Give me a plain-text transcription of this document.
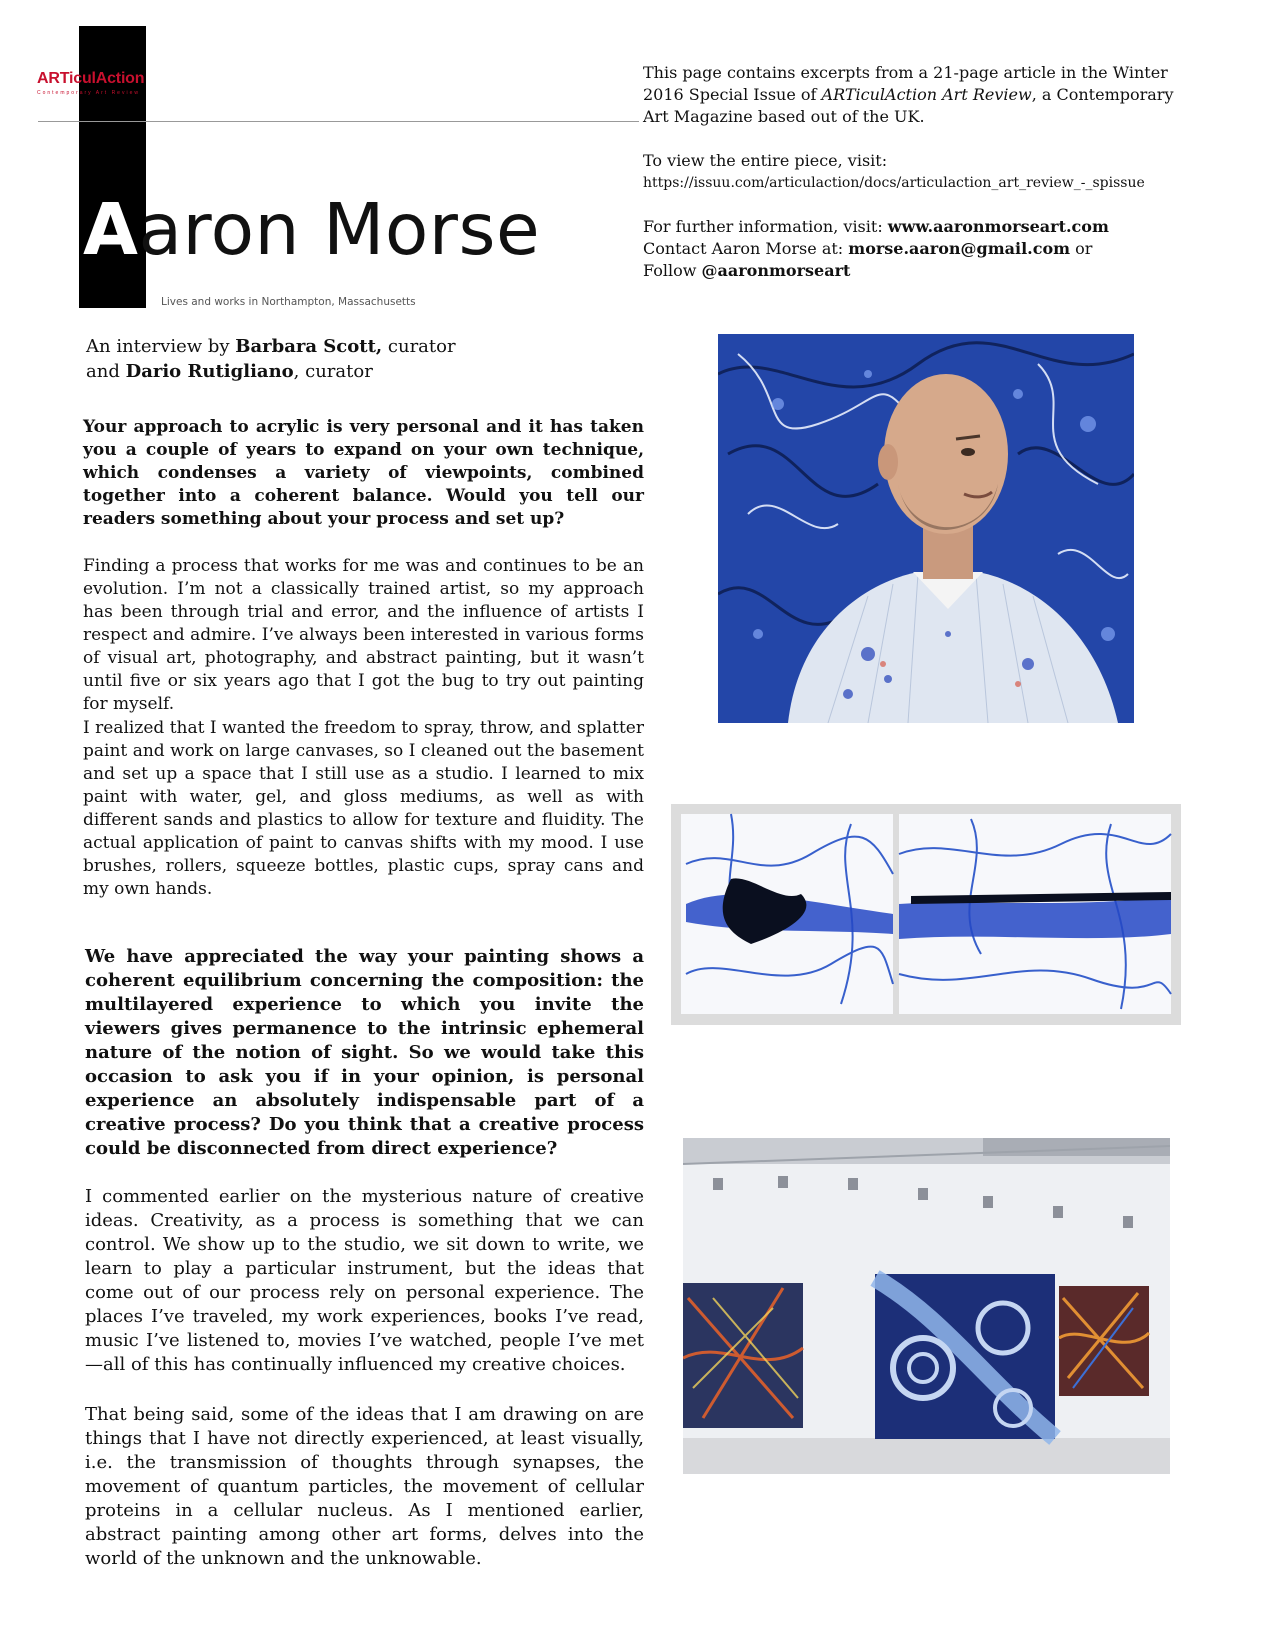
ARTiculAction
Contemporary Art Review
Aaron Morse
Lives and works in Northampton, Massachusetts

This page contains excerpts from a 21-page article in the Winter 2016 Special Issue of ARTiculAction Art Review, a Contemporary Art Magazine based out of the UK.

To view the entire piece, visit:

https://issuu.com/articulaction/docs/articulaction_art_review_-_spissue

For further information, visit: www.aaronmorseart.com

Contact Aaron Morse at: morse.aaron@gmail.com or

Follow @aaronmorseart

An interview by Barbara Scott, curator
and Dario Rutigliano, curator

Your approach to acrylic is very personal and it has taken you a couple of years to expand on your own technique, which condenses a variety of viewpoints, combined together into a coherent balance. Would you tell our readers something about your process and set up?

Finding a process that works for me was and continues to be an evolution. I’m not a classically trained artist, so my approach has been through trial and error, and the influence of artists I respect and admire. I’ve always been interested in various forms of visual art, photography, and abstract painting, but it wasn’t until five or six years ago that I got the bug to try out painting for myself.

I realized that I wanted the freedom to spray, throw, and splatter paint and work on large canvases, so I cleaned out the basement and set up a space that I still use as a studio. I learned to mix paint with water, gel, and gloss mediums, as well as with different sands and plastics to allow for texture and fluidity. The actual application of paint to canvas shifts with my mood. I use brushes, rollers, squeeze bottles, plastic cups, spray cans and my own hands.

We have appreciated the way your painting shows a coherent equilibrium concerning the composition: the multilayered experience to which you invite the viewers gives permanence to the intrinsic ephemeral nature of the notion of sight. So we would take this occasion to ask you if in your opinion, is personal experience an absolutely indispensable part of a creative process? Do you think that a creative process could be disconnected from direct experience?

I commented earlier on the mysterious nature of creative ideas. Creativity, as a process is something that we can control. We show up to the studio, we sit down to write, we learn to play a particular instrument, but the ideas that come out of our process rely on personal experience. The places I’ve traveled, my work experiences, books I’ve read, music I’ve listened to, movies I’ve watched, people I’ve met—all of this has continually influenced my creative choices.

That being said, some of the ideas that I am drawing on are things that I have not directly experienced, at least visually, i.e. the transmission of thoughts through synapses, the movement of quantum particles, the movement of cellular proteins in a cellular nucleus. As I mentioned earlier, abstract painting among other art forms, delves into the world of the unknown and the unknowable.
